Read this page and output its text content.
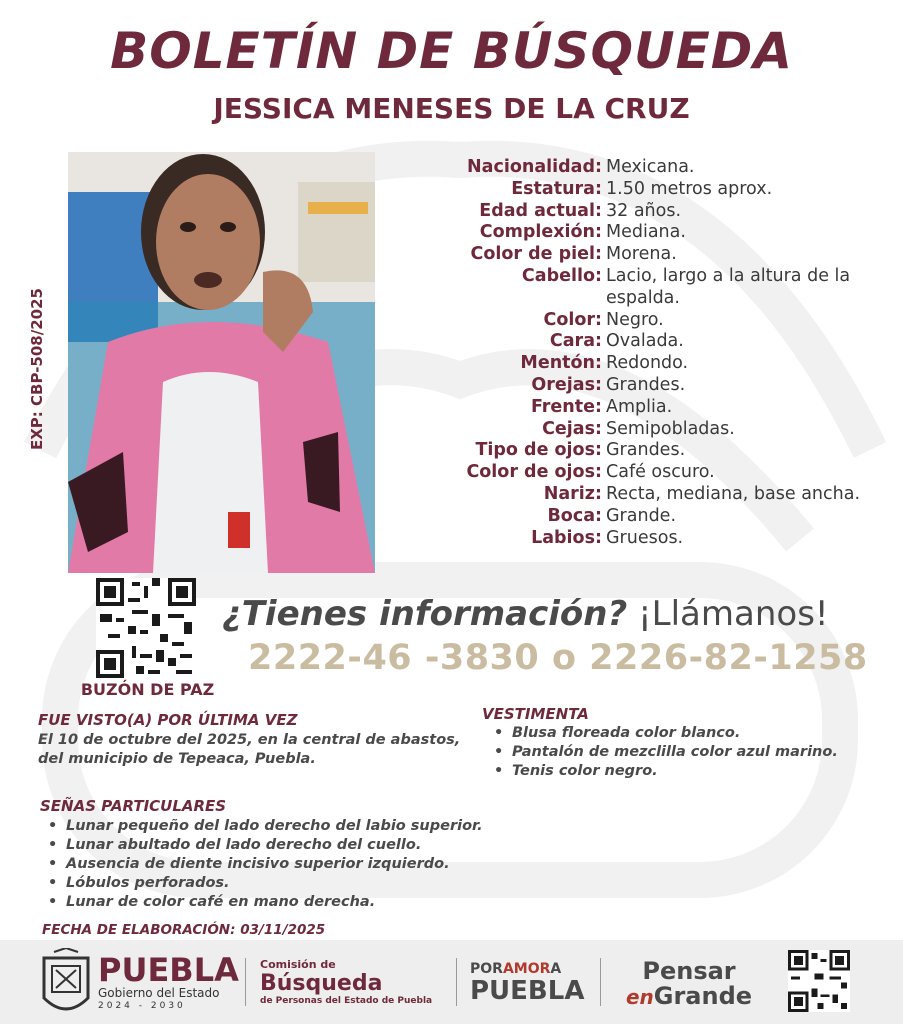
BOLETÍN DE BÚSQUEDA
JESSICA MENESES DE LA CRUZ
EXP: CBP-508/2025
Nacionalidad: Mexicana.
Estatura: 1.50 metros aprox.
Edad actual: 32 años.
Complexión: Mediana.
Color de piel: Morena.
Cabello: Lacio, largo a la altura de la espalda.
Color: Negro.
Cara: Ovalada.
Mentón: Redondo.
Orejas: Grandes.
Frente: Amplia.
Cejas: Semipobladas.
Tipo de ojos: Grandes.
Color de ojos: Café oscuro.
Nariz: Recta, mediana, base ancha.
Boca: Grande.
Labios: Gruesos.
BUZÓN DE PAZ
¿Tienes información? ¡Llámanos!
2222-46 -3830 o 2226-82-1258
FUE VISTO(A) POR ÚLTIMA VEZ
El 10 de octubre del 2025, en la central de abastos,
del municipio de Tepeaca, Puebla.
VESTIMENTA
• Blusa floreada color blanco.
• Pantalón de mezclilla color azul marino.
• Tenis color negro.
SEÑAS PARTICULARES
• Lunar pequeño del lado derecho del labio superior.
• Lunar abultado del lado derecho del cuello.
• Ausencia de diente incisivo superior izquierdo.
• Lóbulos perforados.
• Lunar de color café en mano derecha.
FECHA DE ELABORACIÓN: 03/11/2025
PUEBLA
Gobierno del Estado
2024 - 2030
Comisión de
Búsqueda
de Personas del Estado de Puebla
PORAMORA
PUEBLA
Pensar
enGrande
